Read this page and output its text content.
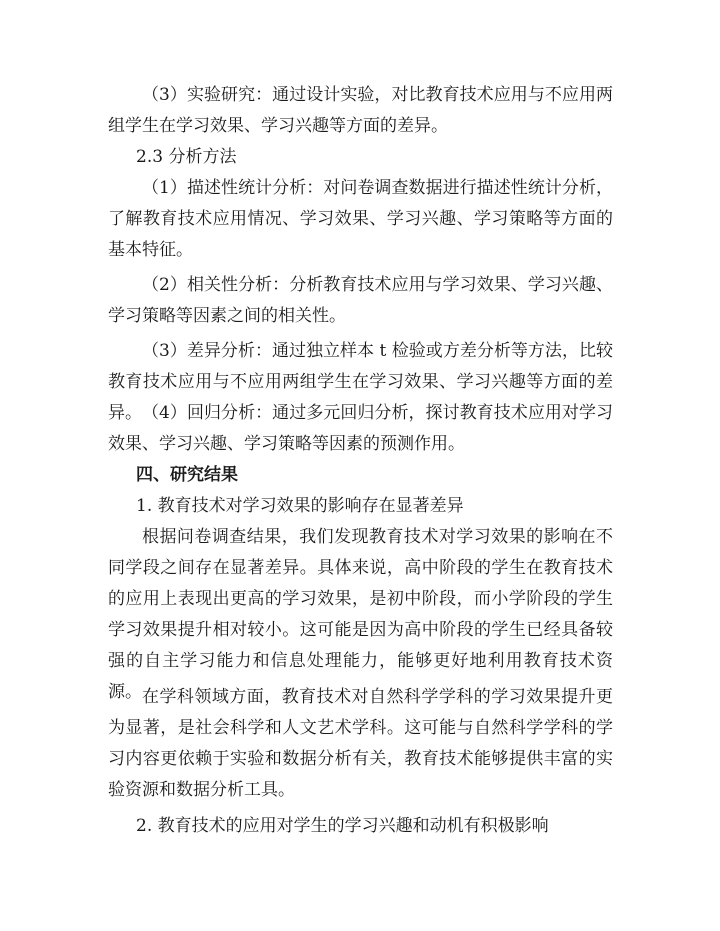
（3）实验研究：通过设计实验，对比教育技术应用与不应用两组学生在学习效果、学习兴趣等方面的差异。

2.3 分析方法

（1）描述性统计分析：对问卷调查数据进行描述性统计分析，了解教育技术应用情况、学习效果、学习兴趣、学习策略等方面的基本特征。

（2）相关性分析：分析教育技术应用与学习效果、学习兴趣、学习策略等因素之间的相关性。

（3）差异分析：通过独立样本 t 检验或方差分析等方法，比较教育技术应用与不应用两组学生在学习效果、学习兴趣等方面的差异。 （4）回归分析：通过多元回归分析，探讨教育技术应用对学习效果、学习兴趣、学习策略等因素的预测作用。

四、研究结果

1. 教育技术对学习效果的影响存在显著差异

根据问卷调查结果，我们发现教育技术对学习效果的影响在不同学段之间存在显著差异。具体来说，高中阶段的学生在教育技术的应用上表现出更高的学习效果，是初中阶段，而小学阶段的学生学习效果提升相对较小。这可能是因为高中阶段的学生已经具备较强的自主学习能力和信息处理能力，能够更好地利用教育技术资源。 在学科领域方面，教育技术对自然科学学科的学习效果提升更为显著，是社会科学和人文艺术学科。这可能与自然科学学科的学习内容更依赖于实验和数据分析有关，教育技术能够提供丰富的实验资源和数据分析工具。

2. 教育技术的应用对学生的学习兴趣和动机有积极影响
